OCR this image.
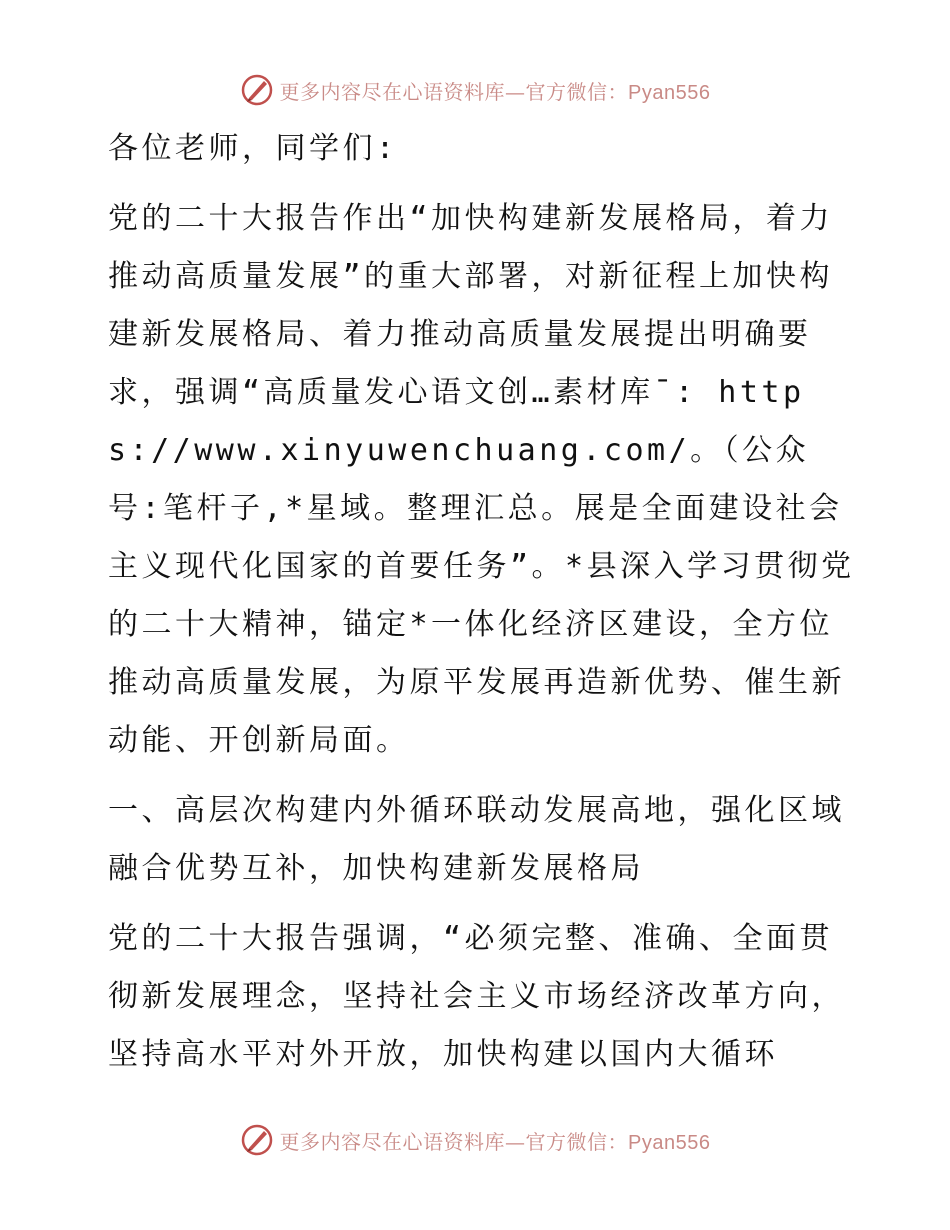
更多内容尽在心语资料库—官方微信：Pyan556

各位老师，同学们:

党的二十大报告作出“加快构建新发展格局，着力推动高质量发展”的重大部署，对新征程上加快构建新发展格局、着力推动高质量发展提出明确要求，强调“高质量发心语文创…素材库¯: https://www.xinyuwenchuang.com/。（公众号:笔杆子,*星域。整理汇总。展是全面建设社会主义现代化国家的首要任务”。*县深入学习贯彻党的二十大精神，锚定*一体化经济区建设，全方位推动高质量发展，为原平发展再造新优势、催生新动能、开创新局面。

一、高层次构建内外循环联动发展高地，强化区域融合优势互补，加快构建新发展格局

党的二十大报告强调，“必须完整、准确、全面贯彻新发展理念，坚持社会主义市场经济改革方向，坚持高水平对外开放，加快构建以国内大循环

更多内容尽在心语资料库—官方微信：Pyan556
